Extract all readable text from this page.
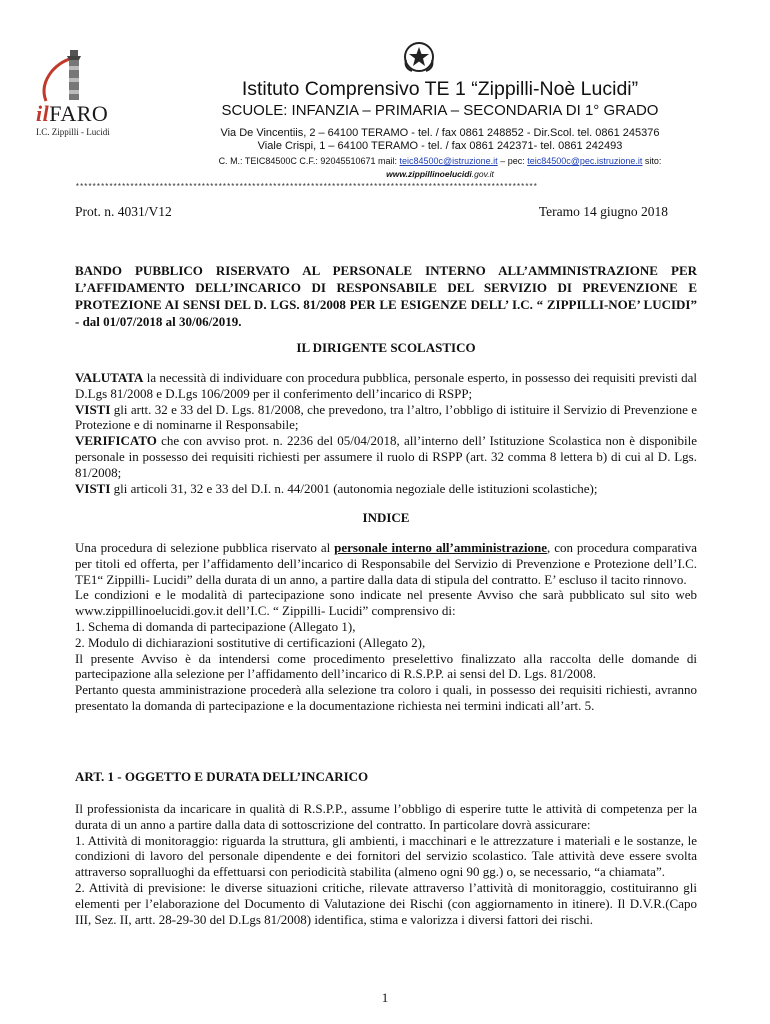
ilFARO
I.C. Zippilli - Lucidi
Istituto Comprensivo TE 1 “Zippilli-Noè Lucidi”
SCUOLE: INFANZIA – PRIMARIA – SECONDARIA DI 1° GRADO
Via De Vincentiis, 2 – 64100 TERAMO - tel. / fax 0861 248852 - Dir.Scol. tel. 0861 245376
Viale Crispi, 1 – 64100 TERAMO - tel. / fax 0861 242371- tel. 0861 242493
C. M.: TEIC84500C C.F.: 92045510671 mail: teic84500c@istruzione.it – pec: teic84500c@pec.istruzione.it sito:
www.zippillinoelucidi.gov.it
**************************************************************************************************************
Prot. n. 4031/V12	Teramo 14 giugno 2018
BANDO PUBBLICO RISERVATO AL PERSONALE INTERNO ALL’AMMINISTRAZIONE PER L’AFFIDAMENTO DELL’INCARICO DI RESPONSABILE DEL SERVIZIO DI PREVENZIONE E PROTEZIONE AI SENSI DEL D. LGS. 81/2008 PER LE ESIGENZE DELL’ I.C. “ ZIPPILLI-NOE’ LUCIDI” - dal 01/07/2018 al 30/06/2019.
IL DIRIGENTE SCOLASTICO
VALUTATA la necessità di individuare con procedura pubblica, personale esperto, in possesso dei requisiti previsti dal D.Lgs 81/2008 e D.Lgs 106/2009 per il conferimento dell’incarico di RSPP;
VISTI gli artt. 32 e 33 del D. Lgs. 81/2008, che prevedono, tra l’altro, l’obbligo di istituire il Servizio di Prevenzione e Protezione e di nominarne il Responsabile;
VERIFICATO che con avviso prot. n. 2236 del 05/04/2018, all’interno dell’ Istituzione Scolastica non è disponibile personale in possesso dei requisiti richiesti per assumere il ruolo di RSPP (art. 32 comma 8 lettera b) di cui al D. Lgs. 81/2008;
VISTI gli articoli 31, 32 e 33 del D.I. n. 44/2001 (autonomia negoziale delle istituzioni scolastiche);
INDICE
Una procedura di selezione pubblica riservato al personale interno all’amministrazione, con procedura comparativa per titoli ed offerta, per l’affidamento dell’incarico di Responsabile del Servizio di Prevenzione e Protezione dell’I.C. TE1“ Zippilli- Lucidi” della durata di un anno, a partire dalla data di stipula del contratto. E’ escluso il tacito rinnovo.
Le condizioni e le modalità di partecipazione sono indicate nel presente Avviso che sarà pubblicato sul sito web www.zippillinoelucidi.gov.it dell’I.C. “ Zippilli- Lucidi” comprensivo di:
1. Schema di domanda di partecipazione (Allegato 1),
2. Modulo di dichiarazioni sostitutive di certificazioni (Allegato 2),
Il presente Avviso è da intendersi come procedimento preselettivo finalizzato alla raccolta delle domande di partecipazione alla selezione per l’affidamento dell’incarico di R.S.P.P. ai sensi del D. Lgs. 81/2008.
Pertanto questa amministrazione procederà alla selezione tra coloro i quali, in possesso dei requisiti richiesti, avranno presentato la domanda di partecipazione e la documentazione richiesta nei termini indicati all’art. 5.
ART. 1 - OGGETTO E DURATA DELL’INCARICO
Il professionista da incaricare in qualità di R.S.P.P., assume l’obbligo di esperire tutte le attività di competenza per la durata di un anno a partire dalla data di sottoscrizione del contratto. In particolare dovrà assicurare:
1. Attività di monitoraggio: riguarda la struttura, gli ambienti, i macchinari e le attrezzature i materiali e le sostanze, le condizioni di lavoro del personale dipendente e dei fornitori del servizio scolastico. Tale attività deve essere svolta attraverso sopralluoghi da effettuarsi con periodicità stabilita (almeno ogni 90 gg.) o, se necessario, “a chiamata”.
2. Attività di previsione: le diverse situazioni critiche, rilevate attraverso l’attività di monitoraggio, costituiranno gli elementi per l’elaborazione del Documento di Valutazione dei Rischi (con aggiornamento in itinere). Il D.V.R.(Capo III, Sez. II, artt. 28-29-30 del D.Lgs 81/2008) identifica, stima e valorizza i diversi fattori dei rischi.
1
